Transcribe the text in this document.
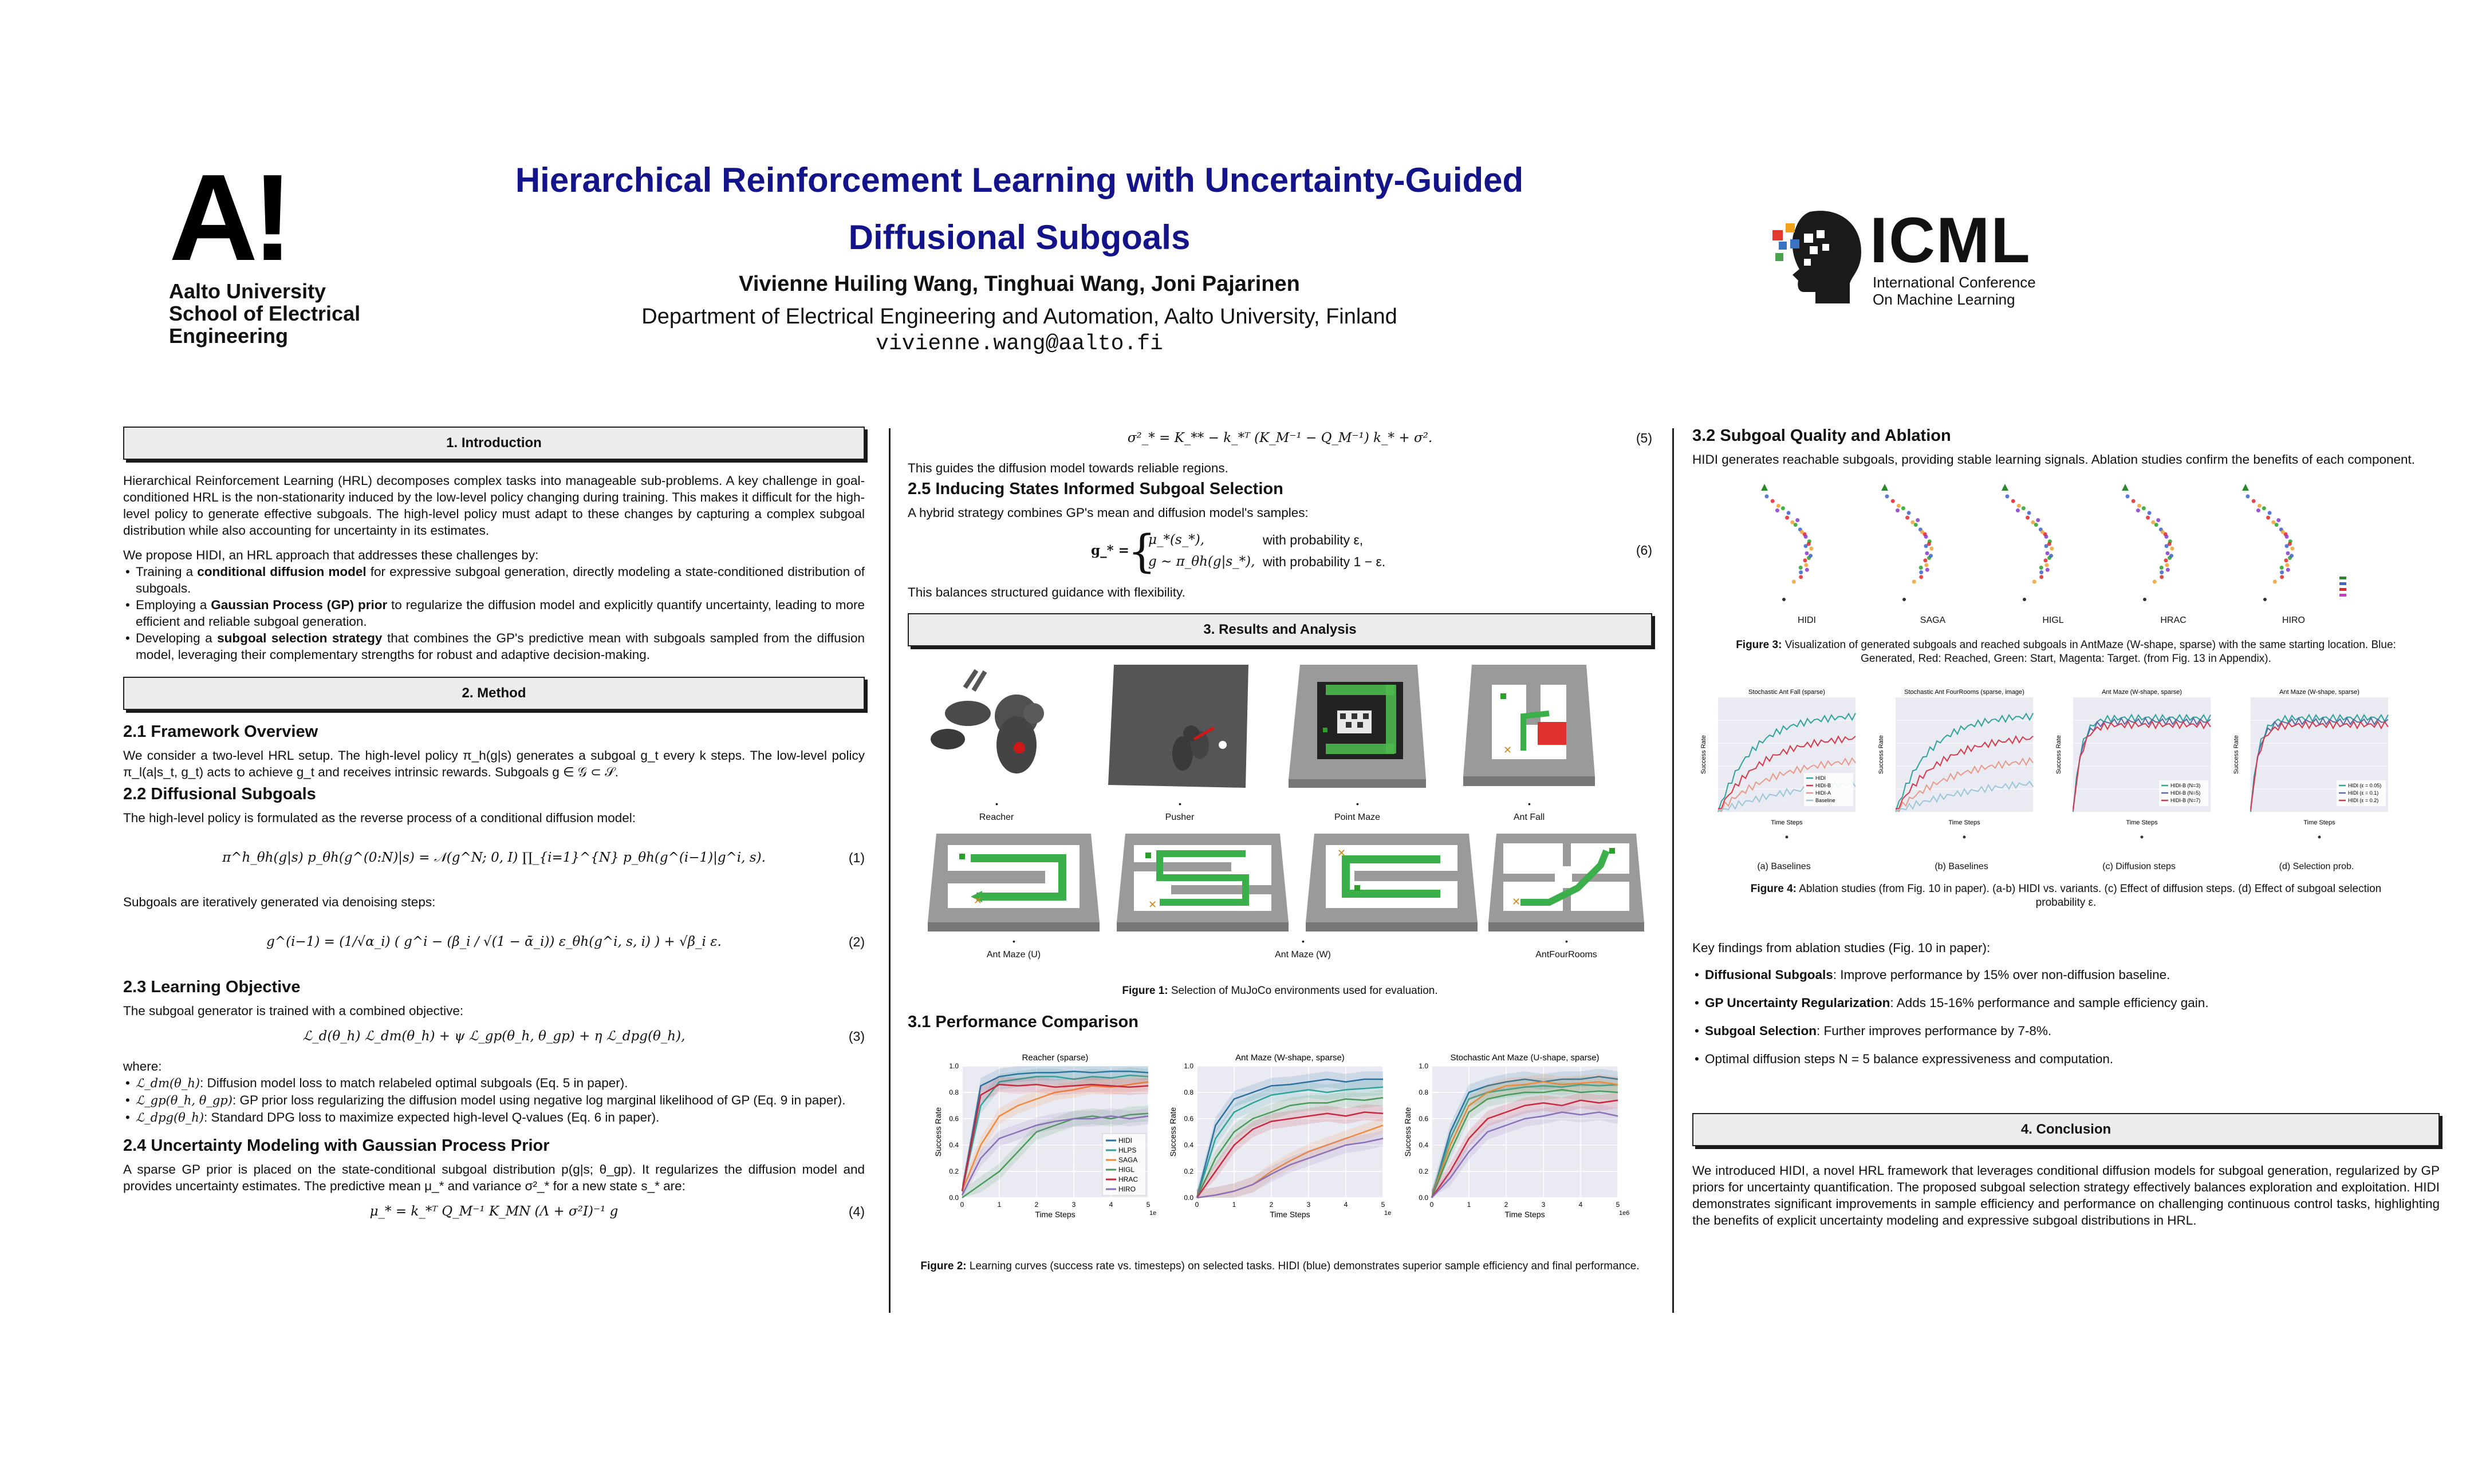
A!
Aalto University
School of Electrical
Engineering
Hierarchical Reinforcement Learning with Uncertainty-Guided
Diffusional Subgoals
Vivienne Huiling Wang, Tinghuai Wang, Joni Pajarinen
Department of Electrical Engineering and Automation, Aalto University, Finland
vivienne.wang@aalto.fi
ICML
International Conference
On Machine Learning
1. Introduction

Hierarchical Reinforcement Learning (HRL) decomposes complex tasks into manageable sub-problems. A key challenge in goal-conditioned HRL is the non-stationarity induced by the low-level policy changing during training. This makes it difficult for the high-level policy to generate effective subgoals. The high-level policy must adapt to these changes by capturing a complex subgoal distribution while also accounting for uncertainty in its estimates.

We propose HIDI, an HRL approach that addresses these challenges by:

• Training a conditional diffusion model for expressive subgoal generation, directly modeling a state-conditioned distribution of subgoals.
• Employing a Gaussian Process (GP) prior to regularize the diffusion model and explicitly quantify uncertainty, leading to more efficient and reliable subgoal generation.
• Developing a subgoal selection strategy that combines the GP's predictive mean with subgoals sampled from the diffusion model, leveraging their complementary strengths for robust and adaptive decision-making.
2. Method
2.1 Framework Overview

We consider a two-level HRL setup. The high-level policy π_h(g|s) generates a subgoal g_t every k steps. The low-level policy π_l(a|s_t, g_t) acts to achieve g_t and receives intrinsic rewards. Subgoals g ∈ 𝒢 ⊂ 𝒮.

2.2 Diffusional Subgoals

The high-level policy is formulated as the reverse process of a conditional diffusion model:

π^h_θh(g|s) p_θh(g^(0:N)|s) = 𝒩(g^N; 0, I) ∏_{i=1}^{N} p_θh(g^(i−1)|g^i, s).	(1)

Subgoals are iteratively generated via denoising steps:

g^(i−1) = (1/√α_i) ( g^i − (β_i / √(1 − ᾱ_i)) ε_θh(g^i, s, i) ) + √β_i ε.	(2)
2.3 Learning Objective

The subgoal generator is trained with a combined objective:

ℒ_d(θ_h) ℒ_dm(θ_h) + ψ ℒ_gp(θ_h, θ_gp) + η ℒ_dpg(θ_h),	(3)

where:

• ℒ_dm(θ_h): Diffusion model loss to match relabeled optimal subgoals (Eq. 5 in paper).
• ℒ_gp(θ_h, θ_gp): GP prior loss regularizing the diffusion model using negative log marginal likelihood of GP (Eq. 9 in paper).
• ℒ_dpg(θ_h): Standard DPG loss to maximize expected high-level Q-values (Eq. 6 in paper).
2.4 Uncertainty Modeling with Gaussian Process Prior

A sparse GP prior is placed on the state-conditional subgoal distribution p(g|s; θ_gp). It regularizes the diffusion model and provides uncertainty estimates. The predictive mean μ_* and variance σ²_* for a new state s_* are:

μ_* = k_*ᵀ Q_M⁻¹ K_MN (Λ + σ²I)⁻¹ g	(4)
σ²_* = K_** − k_*ᵀ (K_M⁻¹ − Q_M⁻¹) k_* + σ².	(5)

This guides the diffusion model towards reliable regions.

2.5 Inducing States Informed Subgoal Selection

A hybrid strategy combines GP's mean and diffusion model's samples:

g_* =
{
μ_*(s_*),	with probability ε,
g ∼ π_θh(g|s_*), with probability 1 − ε.
(6)

This balances structured guidance with flexibility.

3. Results and Analysis
✕
Reacher	Pusher	Point Maze	Ant Fall
•	•	•	•
✕	✕
✕
✕
Ant Maze (U)	Ant Maze (W)	AntFourRooms
•	•	•
Figure 1: Selection of MuJoCo environments used for evaluation.
3.1 Performance Comparison
Reacher (sparse)
0.0
0.2
0.4
0.6
0.8
1.0
0	1	2	3	4	5
1e
Time Steps
Success Rate	HIDI
HLPS
SAGA
HIGL
HRAC
HIRO
Ant Maze (W-shape, sparse)
0.0
0.2
0.4
0.6
0.8
1.0
0	1	2	3	4	5
1e
Time Steps
Success Rate
Stochastic Ant Maze (U-shape, sparse)
0.0
0.2
0.4
0.6
0.8
1.0
0	1	2	3	4	5
1e6
Time Steps
Success Rate
Figure 2: Learning curves (success rate vs. timesteps) on selected tasks. HIDI (blue) demonstrates superior sample efficiency and final performance.
3.2 Subgoal Quality and Ablation

HIDI generates reachable subgoals, providing stable learning signals. Ablation studies confirm the benefits of each component.

HIDI	SAGA	HIGL	HRAC	HIRO
Figure 3: Visualization of generated subgoals and reached subgoals in AntMaze (W-shape, sparse) with the same starting location. Blue: Generated, Red: Reached, Green: Start, Magenta: Target. (from Fig. 13 in Appendix).
Stochastic Ant Fall (sparse)
Time Steps
Success Rate
HIDI
HIDI-B
HIDI-A
Baseline
Stochastic Ant FourRooms (sparse, image)
Time Steps
Success Rate
Ant Maze (W-shape, sparse)
Time Steps
Success Rate
HIDI-B (N=3)
HIDI-B (N=5)
HIDI-B (N=7)
Ant Maze (W-shape, sparse)
Time Steps
Success Rate
HIDI (ε = 0.05)
HIDI (ε = 0.1)
HIDI (ε = 0.2)
(a) Baselines	(b) Baselines	(c) Diffusion steps	(d) Selection prob.
Figure 4: Ablation studies (from Fig. 10 in paper). (a-b) HIDI vs. variants. (c) Effect of diffusion steps. (d) Effect of subgoal selection probability ε.

Key findings from ablation studies (Fig. 10 in paper):

• Diffusional Subgoals: Improve performance by 15% over non-diffusion baseline.
• GP Uncertainty Regularization: Adds 15-16% performance and sample efficiency gain.
• Subgoal Selection: Further improves performance by 7-8%.
• Optimal diffusion steps N = 5 balance expressiveness and computation.
4. Conclusion

We introduced HIDI, a novel HRL framework that leverages conditional diffusion models for subgoal generation, regularized by GP priors for uncertainty quantification. The proposed subgoal selection strategy effectively balances exploration and exploitation. HIDI demonstrates significant improvements in sample efficiency and performance on challenging continuous control tasks, highlighting the benefits of explicit uncertainty modeling and expressive subgoal distributions in HRL.
